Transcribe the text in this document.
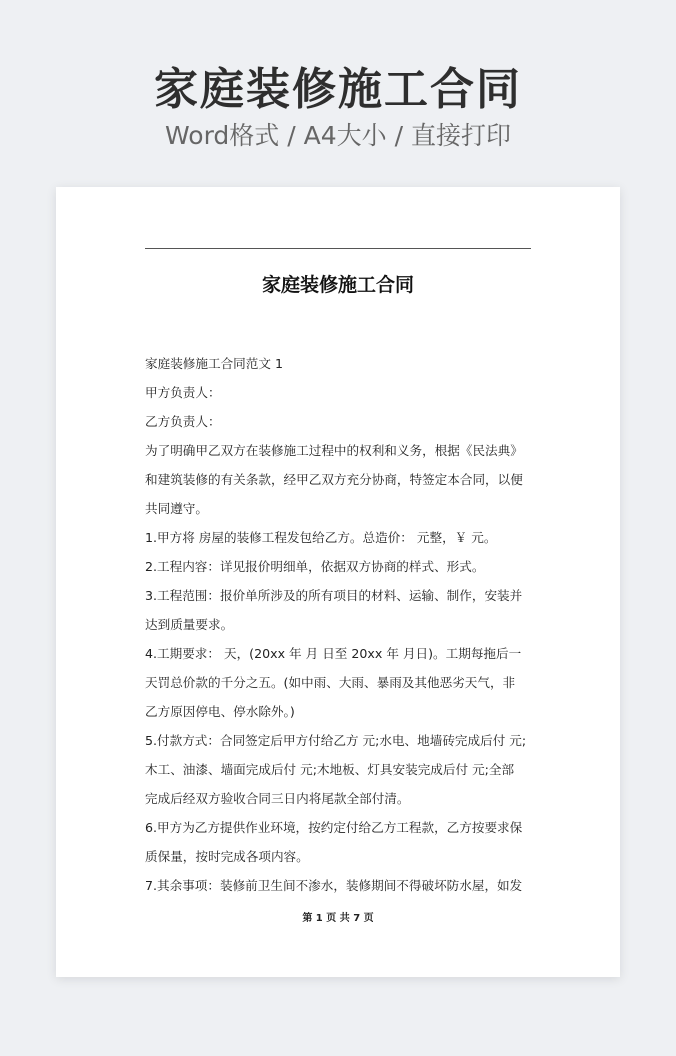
家庭装修施工合同
Word格式 / A4大小 / 直接打印
家庭装修施工合同
家庭装修施工合同范文 1
甲方负责人：
乙方负责人：
为了明确甲乙双方在装修施工过程中的权利和义务，根据《民法典》
和建筑装修的有关条款，经甲乙双方充分协商，特签定本合同，以便
共同遵守。
1.甲方将 房屋的装修工程发包给乙方。总造价： 元整，￥ 元。
2.工程内容：详见报价明细单，依据双方协商的样式、形式。
3.工程范围：报价单所涉及的所有项目的材料、运输、制作，安装并
达到质量要求。
4.工期要求： 天，(20xx 年 月 日至 20xx 年 月日)。工期每拖后一
天罚总价款的千分之五。(如中雨、大雨、暴雨及其他恶劣天气，非
乙方原因停电、停水除外。)
5.付款方式：合同签定后甲方付给乙方 元;水电、地墙砖完成后付 元;
木工、油漆、墙面完成后付 元;木地板、灯具安装完成后付 元;全部
完成后经双方验收合同三日内将尾款全部付清。
6.甲方为乙方提供作业环境，按约定付给乙方工程款，乙方按要求保
质保量，按时完成各项内容。
7.其余事项：装修前卫生间不渗水，装修期间不得破坏防水屋，如发
第 1 页 共 7 页
